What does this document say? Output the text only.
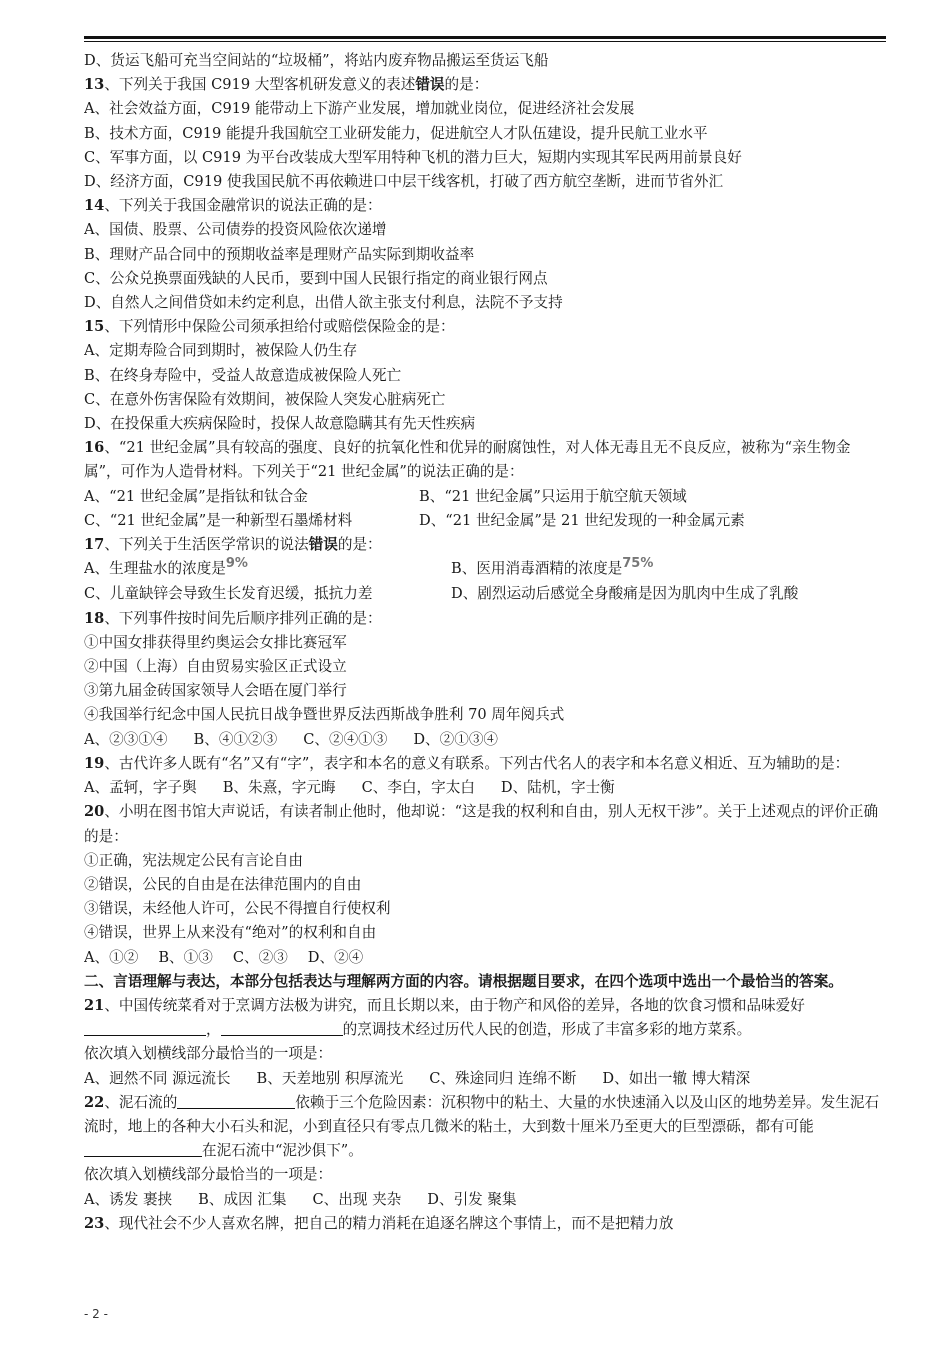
D、货运飞船可充当空间站的“垃圾桶”，将站内废弃物品搬运至货运飞船
13、下列关于我国 C919 大型客机研发意义的表述错误的是：
A、社会效益方面，C919 能带动上下游产业发展，增加就业岗位，促进经济社会发展
B、技术方面，C919 能提升我国航空工业研发能力，促进航空人才队伍建设，提升民航工业水平
C、军事方面，以 C919 为平台改装成大型军用特种飞机的潜力巨大，短期内实现其军民两用前景良好
D、经济方面，C919 使我国民航不再依赖进口中层干线客机，打破了西方航空垄断，进而节省外汇
14、下列关于我国金融常识的说法正确的是：
A、国债、股票、公司债券的投资风险依次递增
B、理财产品合同中的预期收益率是理财产品实际到期收益率
C、公众兑换票面残缺的人民币，要到中国人民银行指定的商业银行网点
D、自然人之间借贷如未约定利息，出借人欲主张支付利息，法院不予支持
15、下列情形中保险公司须承担给付或赔偿保险金的是：
A、定期寿险合同到期时，被保险人仍生存
B、在终身寿险中，受益人故意造成被保险人死亡
C、在意外伤害保险有效期间，被保险人突发心脏病死亡
D、在投保重大疾病保险时，投保人故意隐瞒其有先天性疾病
16、“21 世纪金属”具有较高的强度、良好的抗氧化性和优异的耐腐蚀性，对人体无毒且无不良反应，被称为“亲生物金属”，可作为人造骨材料。下列关于“21 世纪金属”的说法正确的是：
A、“21 世纪金属”是指钛和钛合金	B、“21 世纪金属”只运用于航空航天领域
C、“21 世纪金属”是一种新型石墨烯材料	D、“21 世纪金属”是 21 世纪发现的一种金属元素
17、下列关于生活医学常识的说法错误的是：
A、生理盐水的浓度是9%	B、医用消毒酒精的浓度是75%
C、儿童缺锌会导致生长发育迟缓，抵抗力差	D、剧烈运动后感觉全身酸痛是因为肌肉中生成了乳酸
18、下列事件按时间先后顺序排列正确的是：
①中国女排获得里约奥运会女排比赛冠军
②中国（上海）自由贸易实验区正式设立
③第九届金砖国家领导人会晤在厦门举行
④我国举行纪念中国人民抗日战争暨世界反法西斯战争胜利 70 周年阅兵式
A、②③①④ B、④①②③ C、②④①③ D、②①③④
19、古代许多人既有“名”又有“字”，表字和本名的意义有联系。下列古代名人的表字和本名意义相近、互为辅助的是：
A、孟轲，字子舆 B、朱熹，字元晦 C、李白，字太白 D、陆机，字士衡
20、小明在图书馆大声说话，有读者制止他时，他却说：“这是我的权利和自由，别人无权干涉”。关于上述观点的评价正确的是：
①正确，宪法规定公民有言论自由
②错误，公民的自由是在法律范围内的自由
③错误，未经他人许可，公民不得擅自行使权利
④错误，世界上从来没有“绝对”的权利和自由
A、①② B、①③ C、②③ D、②④
二、言语理解与表达，本部分包括表达与理解两方面的内容。请根据题目要求，在四个选项中选出一个最恰当的答案。
21、中国传统菜肴对于烹调方法极为讲究，而且长期以来，由于物产和风俗的差异，各地的饮食习惯和品味爱好，	的烹调技术经过历代人民的创造，形成了丰富多彩的地方菜系。
依次填入划横线部分最恰当的一项是：
A、迥然不同 源远流长 B、天差地别 积厚流光 C、殊途同归 连绵不断 D、如出一辙 博大精深
22、泥石流的	依赖于三个危险因素：沉积物中的粘土、大量的水快速涌入以及山区的地势差异。发生泥石流时，地上的各种大小石头和泥，小到直径只有零点几微米的粘土，大到数十厘米乃至更大的巨型漂砾，都有可能在泥石流中“泥沙俱下”。
依次填入划横线部分最恰当的一项是：
A、诱发 裹挟 B、成因 汇集 C、出现 夹杂 D、引发 聚集
23、现代社会不少人喜欢名牌，把自己的精力消耗在追逐名牌这个事情上，而不是把精力放
- 2 -
